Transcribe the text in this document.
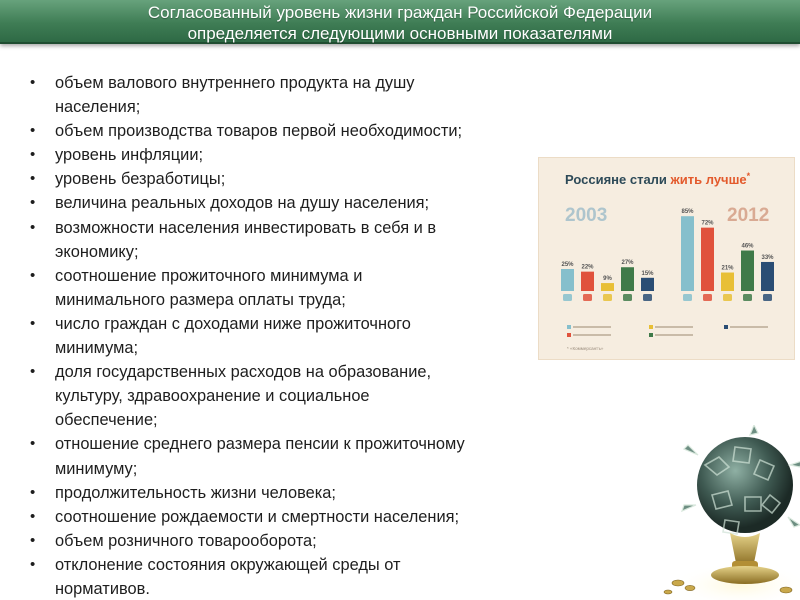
Согласованный уровень жизни граждан Российской Федерации
определяется следующими основными показателями
• объем валового внутреннего продукта на душу
населения;
• объем производства товаров первой необходимости;
• уровень инфляции;
• уровень безработицы;
• величина реальных доходов на душу населения;
• возможности населения инвестировать в себя и в
экономику;
• соотношение прожиточного минимума и
минимального размера оплаты труда;
• число граждан с доходами ниже прожиточного
минимума;
• доля государственных расходов на образование,
культуру, здравоохранение и социальное
обеспечение;
• отношение среднего размера пенсии к прожиточному
минимуму;
• продолжительность жизни человека;
• соотношение рождаемости и смертности населения;
• объем розничного товарооборота;
• отклонение состояния окружающей среды от
нормативов.
Россияне стали жить лучше*
2003	2012
25% 22%
9%
27%
15%
85%
72%
21%
46%
33%
* «Коммерсантъ»
